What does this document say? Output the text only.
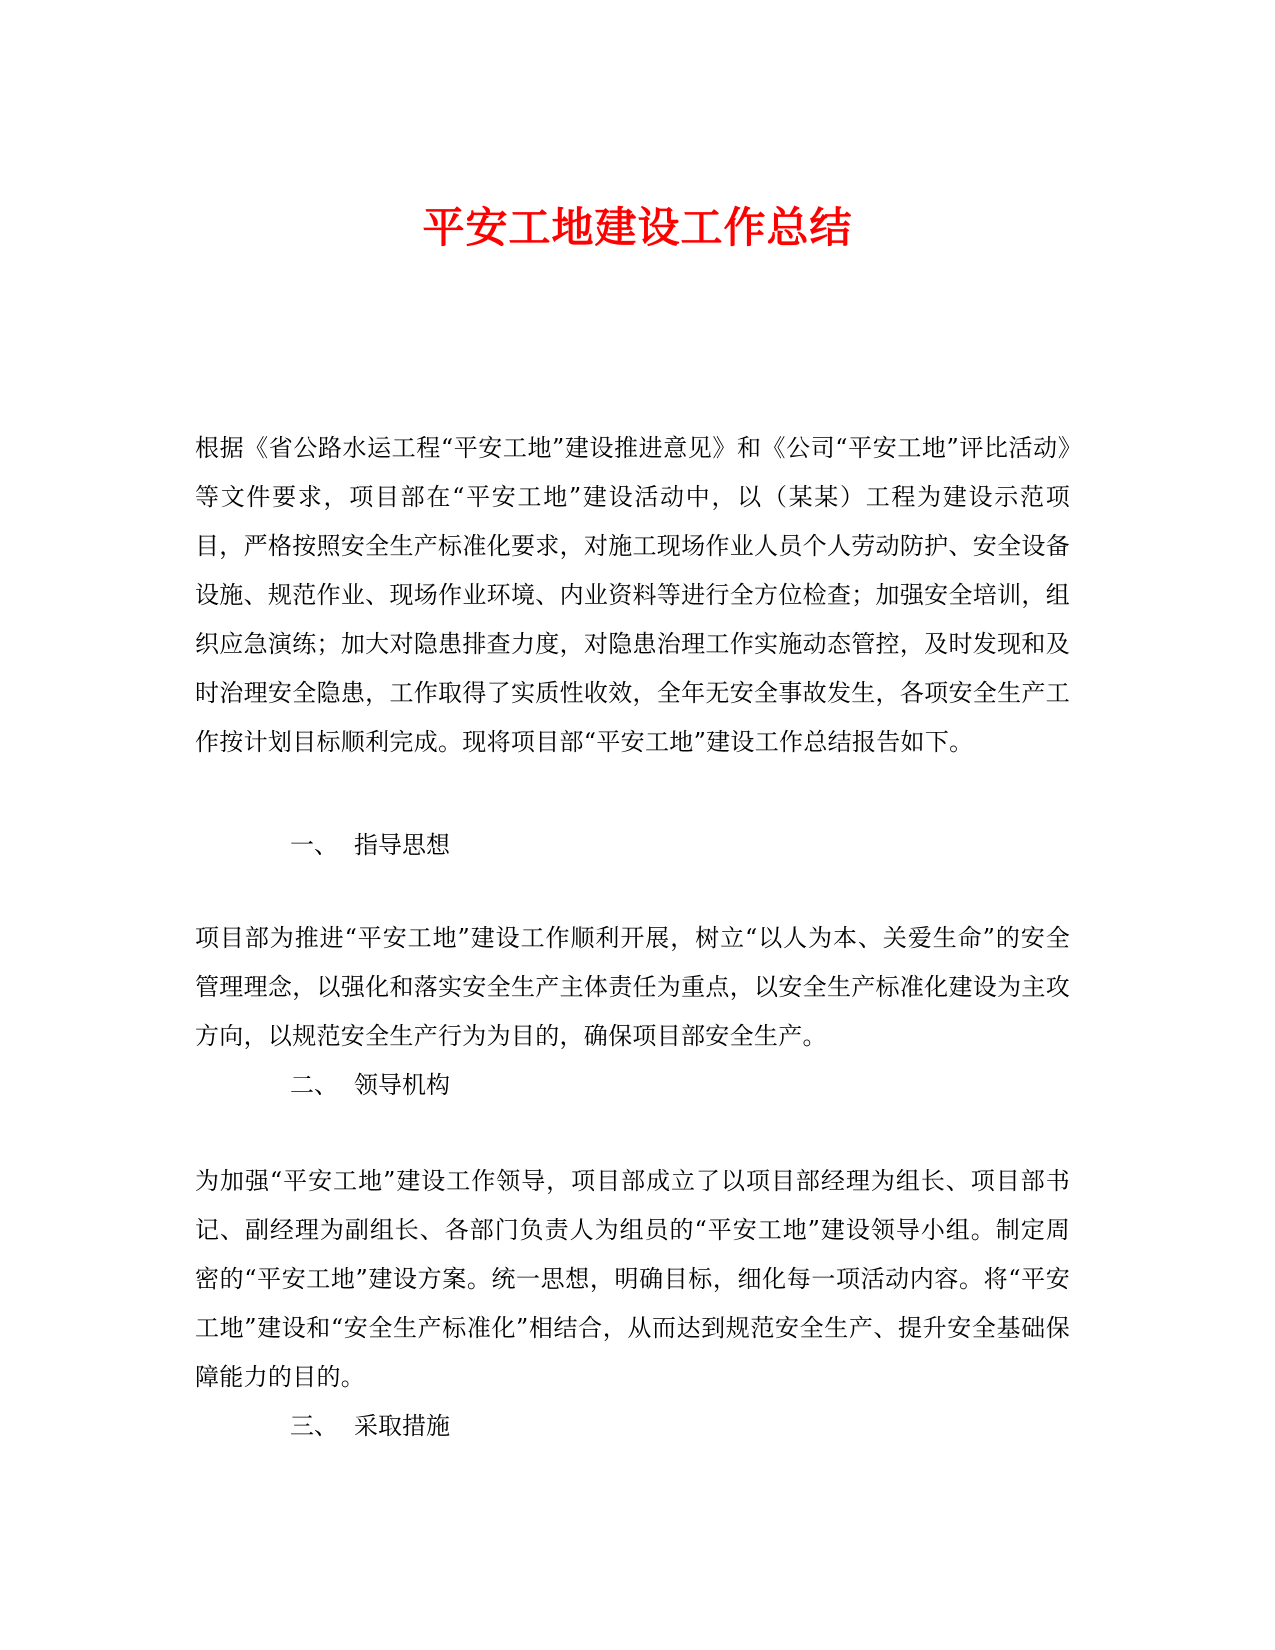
平安工地建设工作总结

根据《省公路水运工程“平安工地”建设推进意见》和《公司“平安工地”评比活动》等文件要求，项目部在“平安工地”建设活动中，以（某某）工程为建设示范项目，严格按照安全生产标准化要求，对施工现场作业人员个人劳动防护、安全设备设施、规范作业、现场作业环境、内业资料等进行全方位检查；加强安全培训，组织应急演练；加大对隐患排查力度，对隐患治理工作实施动态管控，及时发现和及时治理安全隐患，工作取得了实质性收效，全年无安全事故发生，各项安全生产工作按计划目标顺利完成。现将项目部“平安工地”建设工作总结报告如下。

一、 指导思想

项目部为推进“平安工地”建设工作顺利开展，树立“以人为本、关爱生命”的安全管理理念，以强化和落实安全生产主体责任为重点，以安全生产标准化建设为主攻方向，以规范安全生产行为为目的，确保项目部安全生产。

二、 领导机构

为加强“平安工地”建设工作领导，项目部成立了以项目部经理为组长、项目部书记、副经理为副组长、各部门负责人为组员的“平安工地”建设领导小组。制定周密的“平安工地”建设方案。统一思想，明确目标，细化每一项活动内容。将“平安工地”建设和“安全生产标准化”相结合，从而达到规范安全生产、提升安全基础保障能力的目的。

三、 采取措施
